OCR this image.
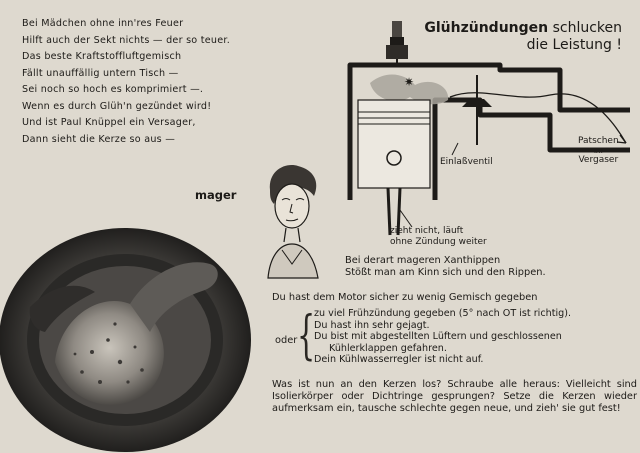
Bei Mädchen ohne inn'res Feuer
Hilft auch der Sekt nichts — der so teuer.
Das beste Kraftstoffluftgemisch
Fällt unauffällig untern Tisch —
Sei noch so hoch es komprimiert —.
Wenn es durch Glüh'n gezündet wird!
Und ist Paul Knüppel ein Versager,
Dann sieht die Kerze so aus —
mager
Glühzündungen schlucken
die Leistung !
✷
Patschen
im
Vergaser
Einlaßventil
zieht nicht, läuft
ohne Zündung weiter
Bei derart mageren Xanthippen
Stößt man am Kinn sich und den Rippen.
Du hast dem Motor sicher zu wenig Gemisch gegeben
oder {
zu viel Frühzündung gegeben (5° nach OT ist richtig).
Du hast ihn sehr gejagt.
Du bist mit abgestellten Lüftern und geschlossenen
Kühlerklappen gefahren.
Dein Kühlwasserregler ist nicht auf.
Was ist nun an den Kerzen los? Schraube alle heraus: Vielleicht sind Isolierkörper oder Dichtringe gesprungen? Setze die Kerzen wieder aufmerksam ein, tausche schlechte gegen neue, und zieh' sie gut fest!
